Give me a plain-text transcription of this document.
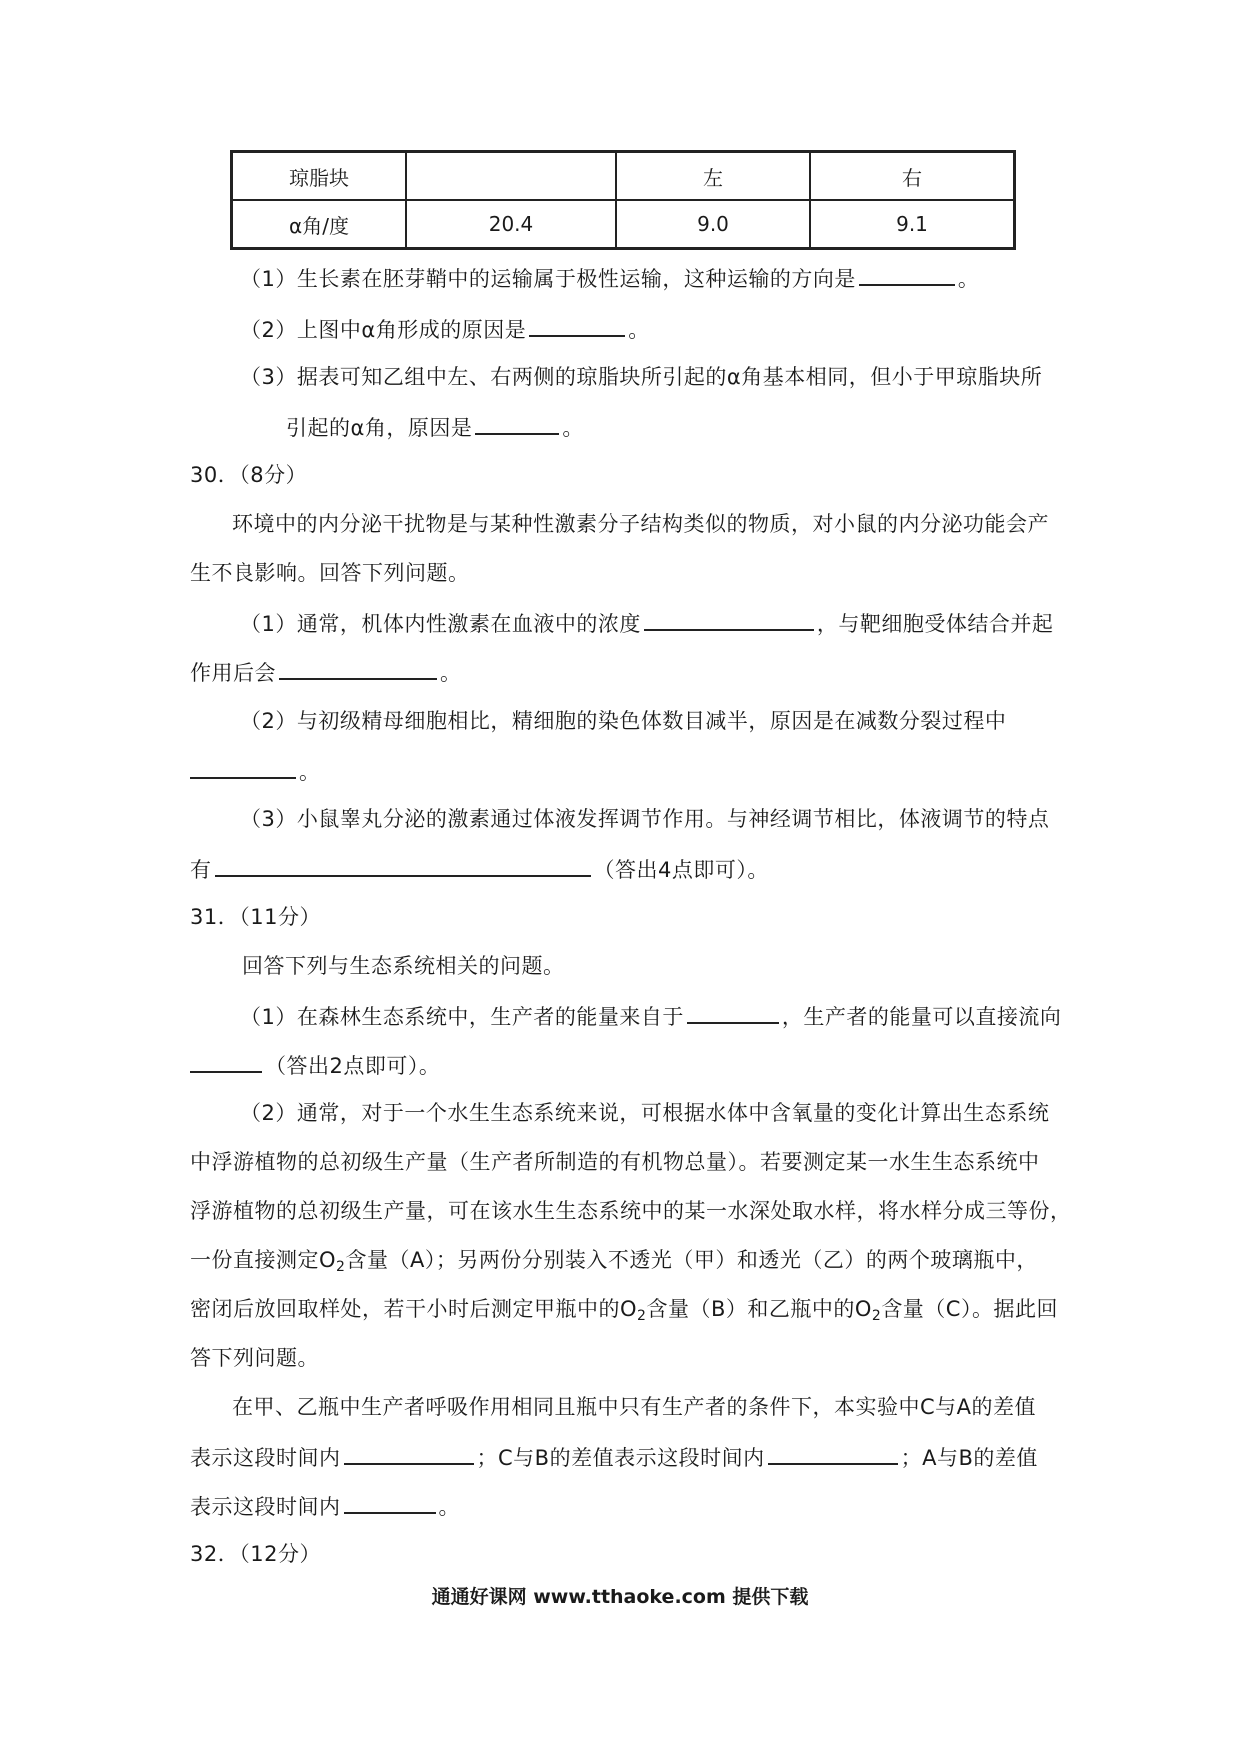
琼脂块		左	右
α角/度	20.4	9.0	9.1
（1）生长素在胚芽鞘中的运输属于极性运输，这种运输的方向是	。
（2）上图中α角形成的原因是	。
（3）据表可知乙组中左、右两侧的琼脂块所引起的α角基本相同，但小于甲琼脂块所
引起的α角，原因是	。
30．（8分）
环境中的内分泌干扰物是与某种性激素分子结构类似的物质，对小鼠的内分泌功能会产
生不良影响。回答下列问题。
（1）通常，机体内性激素在血液中的浓度	，与靶细胞受体结合并起
作用后会	。
（2）与初级精母细胞相比，精细胞的染色体数目减半，原因是在减数分裂过程中
。
（3）小鼠睾丸分泌的激素通过体液发挥调节作用。与神经调节相比，体液调节的特点
有	（答出4点即可）。
31．（11分）
回答下列与生态系统相关的问题。
（1）在森林生态系统中，生产者的能量来自于	，生产者的能量可以直接流向
（答出2点即可）。
（2）通常，对于一个水生生态系统来说，可根据水体中含氧量的变化计算出生态系统
中浮游植物的总初级生产量（生产者所制造的有机物总量）。若要测定某一水生生态系统中
浮游植物的总初级生产量，可在该水生生态系统中的某一水深处取水样，将水样分成三等份，
一份直接测定$O_2$含量（A）；另两份分别装入不透光（甲）和透光（乙）的两个玻璃瓶中，
密闭后放回取样处，若干小时后测定甲瓶中的$O_2$含量（B）和乙瓶中的$O_2$含量（C）。据此回
答下列问题。
在甲、乙瓶中生产者呼吸作用相同且瓶中只有生产者的条件下，本实验中C与A的差值
表示这段时间内	；C与B的差值表示这段时间内	；A与B的差值
表示这段时间内	。
32．（12分）
通通好课网 www.tthaoke.com 提供下载
